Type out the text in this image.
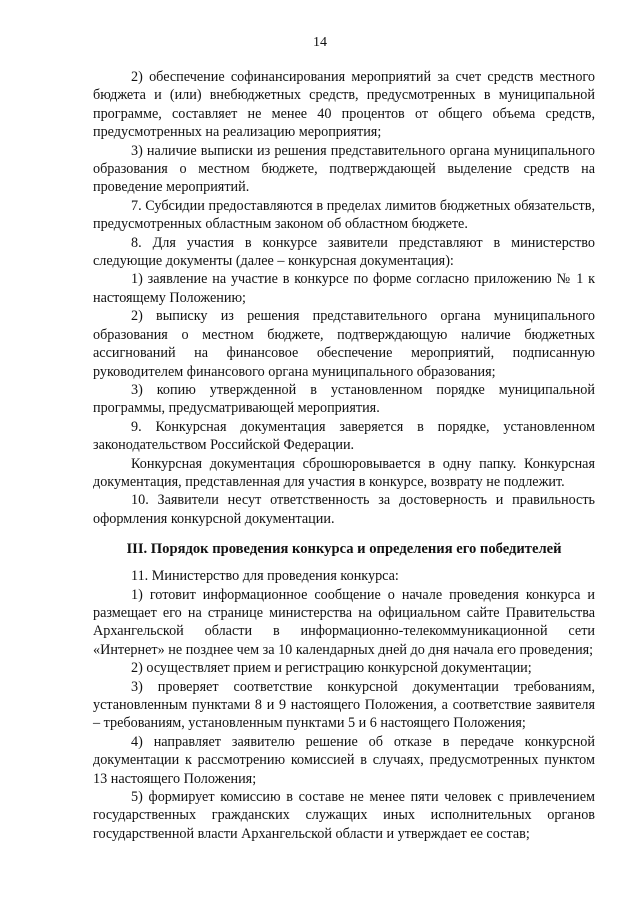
14

2) обеспечение софинансирования мероприятий за счет средств местного бюджета и (или) внебюджетных средств, предусмотренных в муниципальной программе, составляет не менее 40 процентов от общего объема средств, предусмотренных на реализацию мероприятия;

3) наличие выписки из решения представительного органа муниципального образования о местном бюджете, подтверждающей выделение средств на проведение мероприятий.

7. Субсидии предоставляются в пределах лимитов бюджетных обязательств, предусмотренных областным законом об областном бюджете.

8. Для участия в конкурсе заявители представляют в министерство следующие документы (далее – конкурсная документация):

1) заявление на участие в конкурсе по форме согласно приложению № 1 к настоящему Положению;

2) выписку из решения представительного органа муниципального образования о местном бюджете, подтверждающую наличие бюджетных ассигнований на финансовое обеспечение мероприятий, подписанную руководителем финансового органа муниципального образования;

3) копию утвержденной в установленном порядке муниципальной программы, предусматривающей мероприятия.

9. Конкурсная документация заверяется в порядке, установленном законодательством Российской Федерации.

Конкурсная документация сброшюровывается в одну папку. Конкурсная документация, представленная для участия в конкурсе, возврату не подлежит.

10. Заявители несут ответственность за достоверность и правильность оформления конкурсной документации.

III. Порядок проведения конкурса и определения его победителей

11. Министерство для проведения конкурса:

1) готовит информационное сообщение о начале проведения конкурса и размещает его на странице министерства на официальном сайте Правительства Архангельской области в информационно-телекоммуникационной сети «Интернет» не позднее чем за 10 календарных дней до дня начала его проведения;

2) осуществляет прием и регистрацию конкурсной документации;

3) проверяет соответствие конкурсной документации требованиям, установленным пунктами 8 и 9 настоящего Положения, а соответствие заявителя – требованиям, установленным пунктами 5 и 6 настоящего Положения;

4) направляет заявителю решение об отказе в передаче конкурсной документации к рассмотрению комиссией в случаях, предусмотренных пунктом 13 настоящего Положения;

5) формирует комиссию в составе не менее пяти человек с привлечением государственных гражданских служащих иных исполнительных органов государственной власти Архангельской области и утверждает ее состав;
